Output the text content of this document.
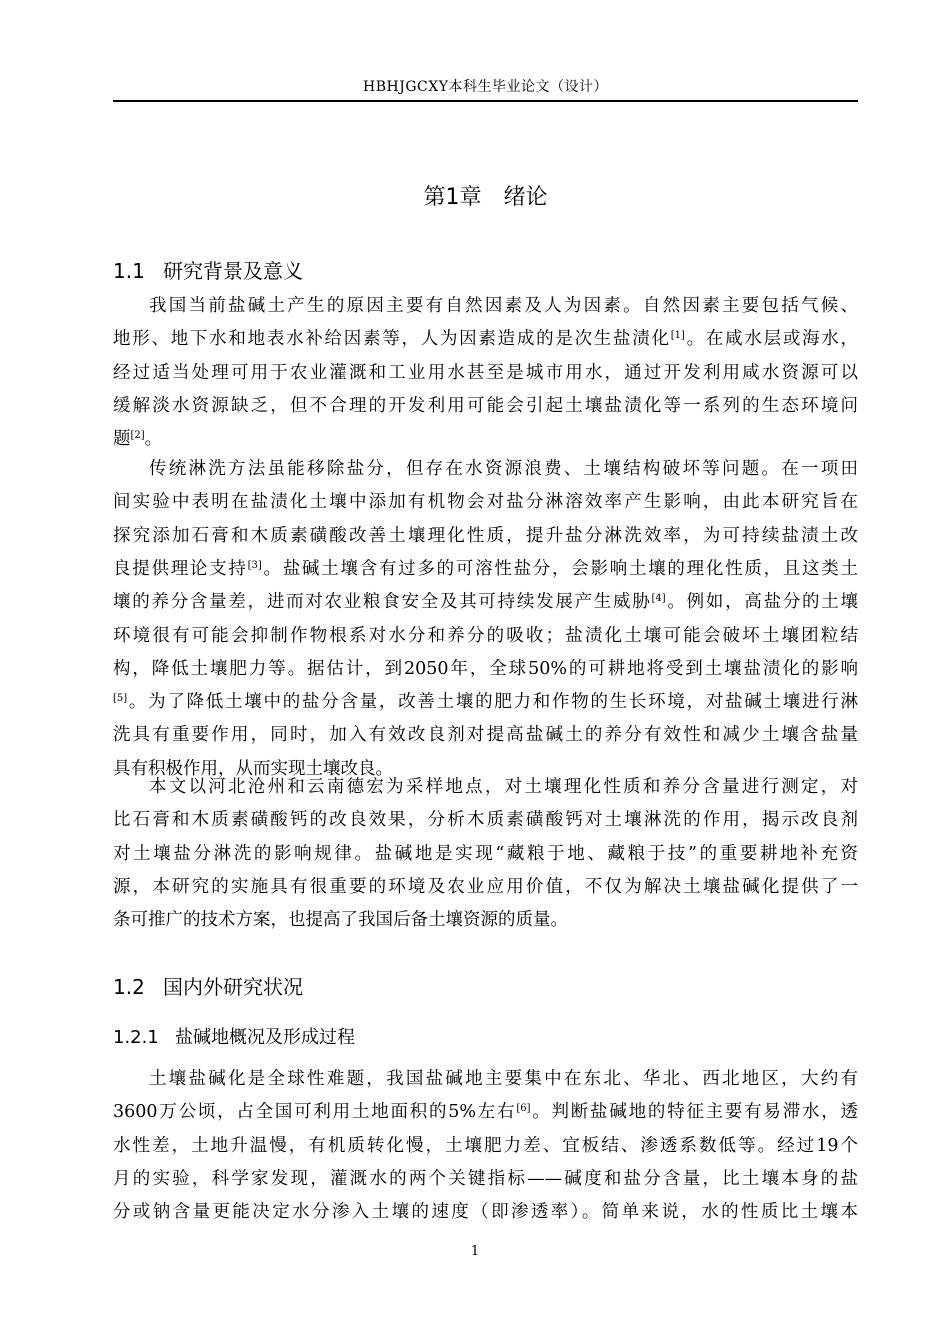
HBHJGCXY本科生毕业论文（设计）
第1章　绪论
1.1 研究背景及意义
1.2 国内外研究状况
1.2.1 盐碱地概况及形成过程
我国当前盐碱土产生的原因主要有自然因素及人为因素。自然因素主要包括气候、
地形、地下水和地表水补给因素等，人为因素造成的是次生盐渍化[1]。在咸水层或海水，
经过适当处理可用于农业灌溉和工业用水甚至是城市用水，通过开发利用咸水资源可以
缓解淡水资源缺乏，但不合理的开发利用可能会引起土壤盐渍化等一系列的生态环境问
题[2]。
传统淋洗方法虽能移除盐分，但存在水资源浪费、土壤结构破坏等问题。在一项田
间实验中表明在盐渍化土壤中添加有机物会对盐分淋溶效率产生影响，由此本研究旨在
探究添加石膏和木质素磺酸改善土壤理化性质，提升盐分淋洗效率，为可持续盐渍土改
良提供理论支持[3]。盐碱土壤含有过多的可溶性盐分，会影响土壤的理化性质，且这类土
壤的养分含量差，进而对农业粮食安全及其可持续发展产生威胁[4]。例如，高盐分的土壤
环境很有可能会抑制作物根系对水分和养分的吸收；盐渍化土壤可能会破坏土壤团粒结
构，降低土壤肥力等。据估计，到2050年，全球50%的可耕地将受到土壤盐渍化的影响
[5]。为了降低土壤中的盐分含量，改善土壤的肥力和作物的生长环境，对盐碱土壤进行淋
洗具有重要作用，同时，加入有效改良剂对提高盐碱土的养分有效性和减少土壤含盐量
具有积极作用，从而实现土壤改良。
本文以河北沧州和云南德宏为采样地点，对土壤理化性质和养分含量进行测定，对
比石膏和木质素磺酸钙的改良效果，分析木质素磺酸钙对土壤淋洗的作用，揭示改良剂
对土壤盐分淋洗的影响规律。盐碱地是实现“藏粮于地、藏粮于技”的重要耕地补充资
源，本研究的实施具有很重要的环境及农业应用价值，不仅为解决土壤盐碱化提供了一
条可推广的技术方案，也提高了我国后备土壤资源的质量。
土壤盐碱化是全球性难题，我国盐碱地主要集中在东北、华北、西北地区，大约有
3600万公顷，占全国可利用土地面积的5%左右[6]。判断盐碱地的特征主要有易滞水，透
水性差，土地升温慢，有机质转化慢，土壤肥力差、宜板结、渗透系数低等。经过19个
月的实验，科学家发现，灌溉水的两个关键指标——碱度和盐分含量，比土壤本身的盐
分或钠含量更能决定水分渗入土壤的速度（即渗透率）。简单来说，水的性质比土壤本
1
